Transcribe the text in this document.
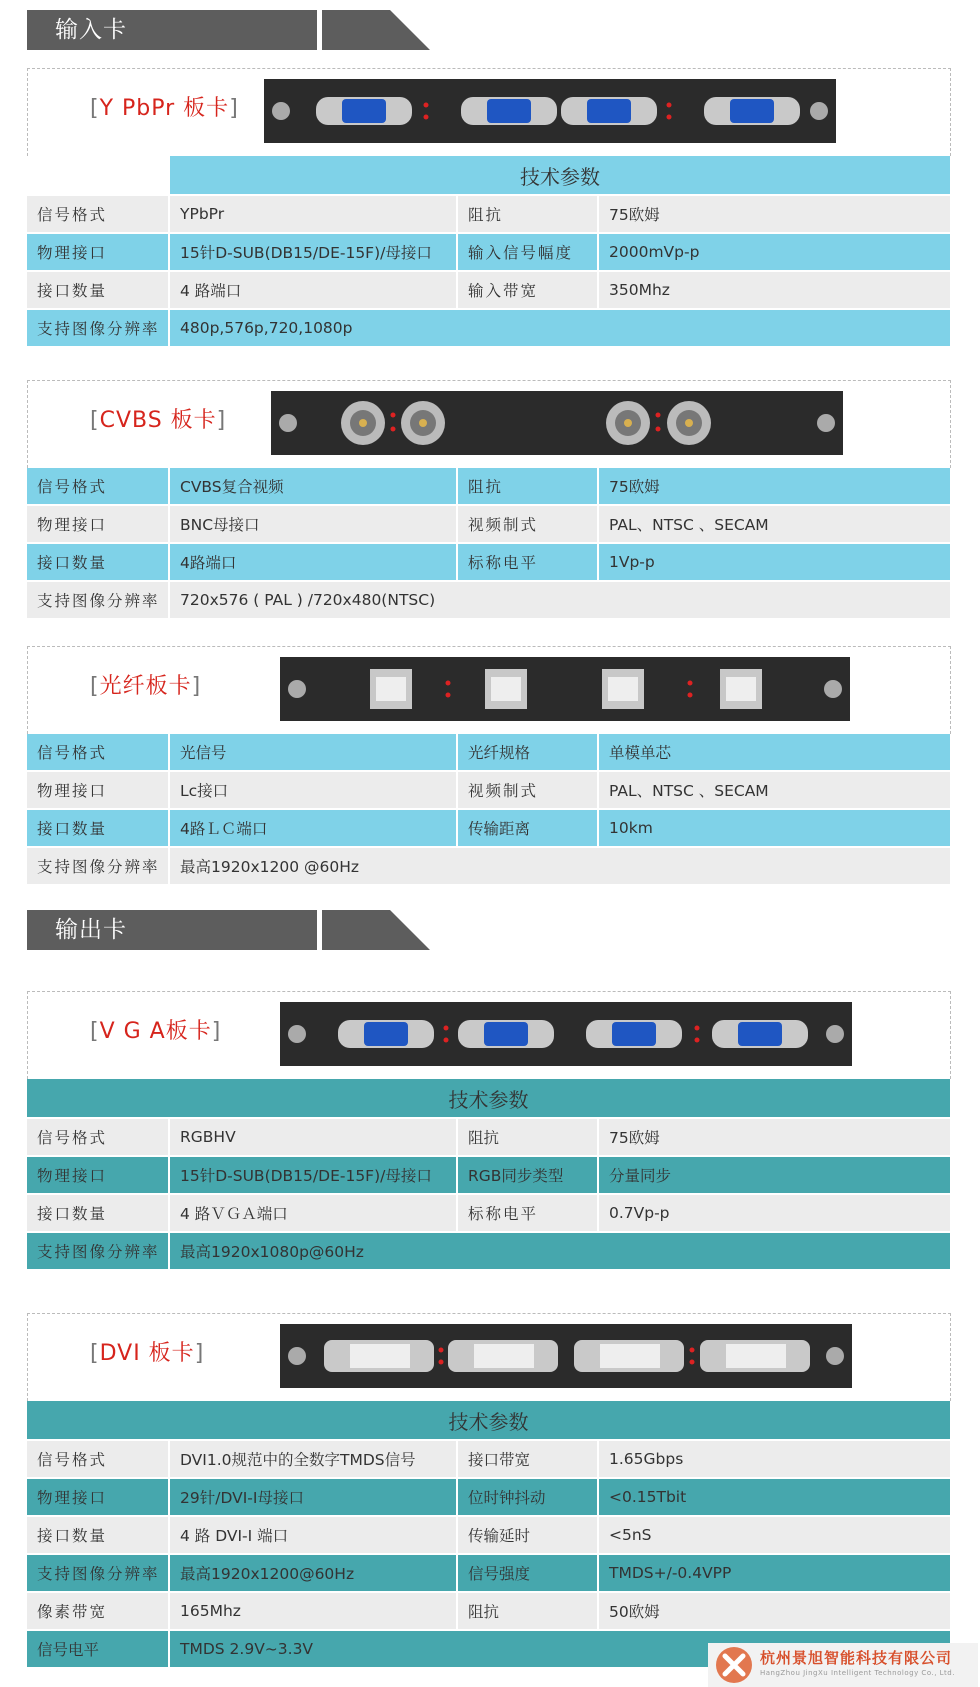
输入卡
[Y PbPr 板卡]
	技术参数		
信号格式	YPbPr	阻抗	75欧姆
物理接口	15针D-SUB(DB15/DE-15F)/母接口	输入信号幅度	2000mVp-p
接口数量	4 路端口	输入带宽	350Mhz
支持图像分辨率	480p,576p,720,1080p		
[CVBS 板卡]
信号格式	CVBS复合视频	阻抗	75欧姆
物理接口	BNC母接口	视频制式	PAL、NTSC 、SECAM
接口数量	4路端口	标称电平	1Vp-p
支持图像分辨率	720x576 ( PAL ) /720x480(NTSC)		
[光纤板卡]
信号格式	光信号	光纤规格	单模单芯
物理接口	Lc接口	视频制式	PAL、NTSC 、SECAM
接口数量	4路ＬＣ端口	传输距离	10km
支持图像分辨率	最高1920x1200 @60Hz		
输出卡
[V G A板卡]
技术参数			
信号格式	RGBHV	阻抗	75欧姆
物理接口	15针D-SUB(DB15/DE-15F)/母接口	RGB同步类型	分量同步
接口数量	4 路ＶＧＡ端口	标称电平	0.7Vp-p
支持图像分辨率	最高1920x1080p@60Hz		
[DVI 板卡]
技术参数			
信号格式	DVI1.0规范中的全数字TMDS信号	接口带宽	1.65Gbps
物理接口	29针/DVI-I母接口	位时钟抖动	<0.15Tbit
接口数量	4 路 DVI-I 端口	传输延时	<5nS
支持图像分辨率	最高1920x1200@60Hz	信号强度	TMDS+/-0.4VPP
像素带宽	165Mhz	阻抗	50欧姆
信号电平	TMDS 2.9V~3.3V			杭州景旭智能科技有限公司
HangZhou JingXu Intelligent Technology Co., Ltd.
